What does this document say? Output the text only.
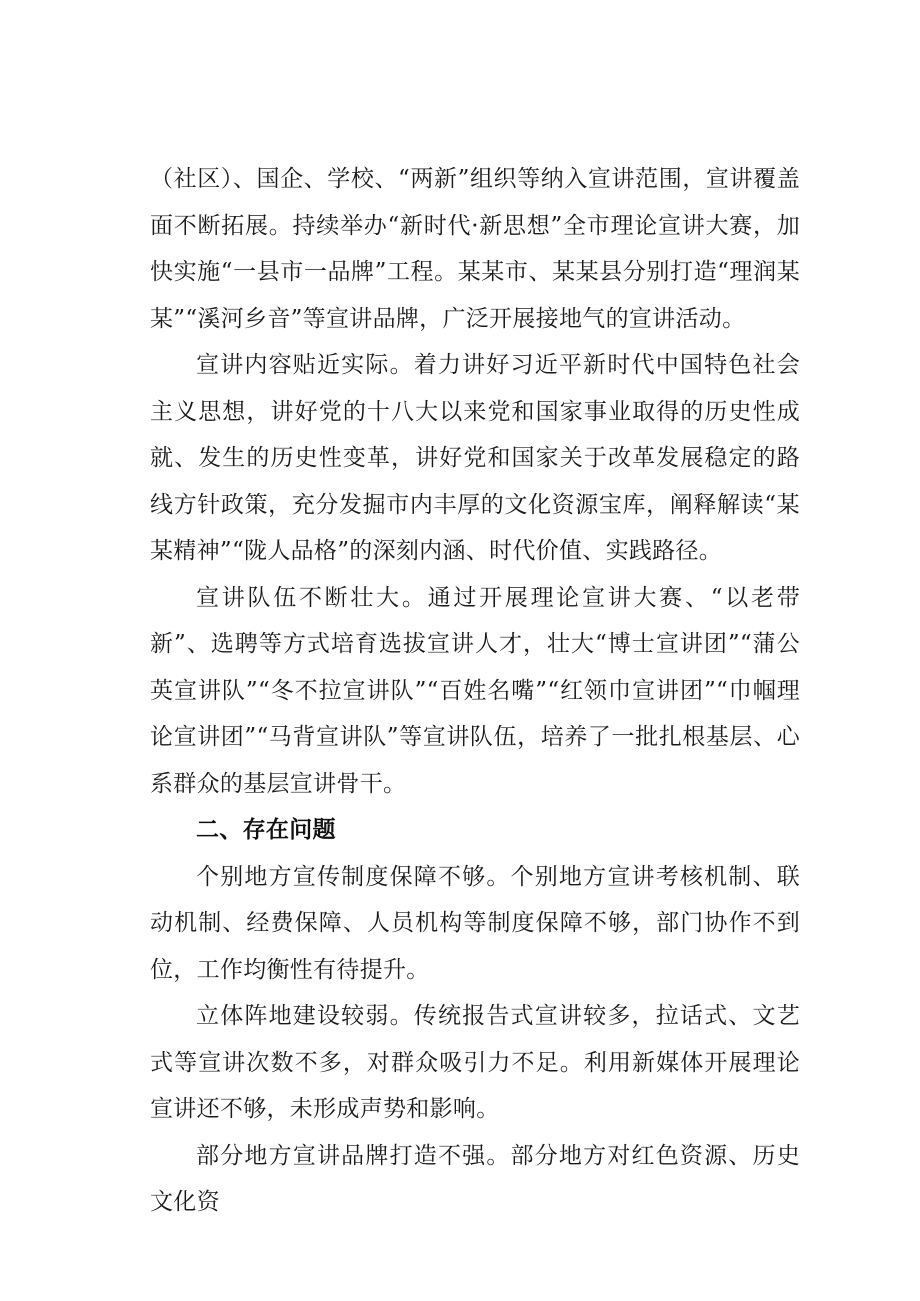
（社区）、国企、学校、“两新”组织等纳入宣讲范围，宣讲覆盖面不断拓展。持续举办“新时代·新思想”全市理论宣讲大赛，加快实施“一县市一品牌”工程。某某市、某某县分别打造“理润某某”“溪河乡音”等宣讲品牌，广泛开展接地气的宣讲活动。

宣讲内容贴近实际。着力讲好习近平新时代中国特色社会主义思想，讲好党的十八大以来党和国家事业取得的历史性成就、发生的历史性变革，讲好党和国家关于改革发展稳定的路线方针政策，充分发掘市内丰厚的文化资源宝库，阐释解读“某某精神”“陇人品格”的深刻内涵、时代价值、实践路径。

宣讲队伍不断壮大。通过开展理论宣讲大赛、“以老带新”、选聘等方式培育选拔宣讲人才，壮大“博士宣讲团”“蒲公英宣讲队”“冬不拉宣讲队”“百姓名嘴”“红领巾宣讲团”“巾帼理论宣讲团”“马背宣讲队”等宣讲队伍，培养了一批扎根基层、心系群众的基层宣讲骨干。

二、存在问题

个别地方宣传制度保障不够。个别地方宣讲考核机制、联动机制、经费保障、人员机构等制度保障不够，部门协作不到位，工作均衡性有待提升。

立体阵地建设较弱。传统报告式宣讲较多，拉话式、文艺式等宣讲次数不多，对群众吸引力不足。利用新媒体开展理论宣讲还不够，未形成声势和影响。

部分地方宣讲品牌打造不强。部分地方对红色资源、历史文化资
